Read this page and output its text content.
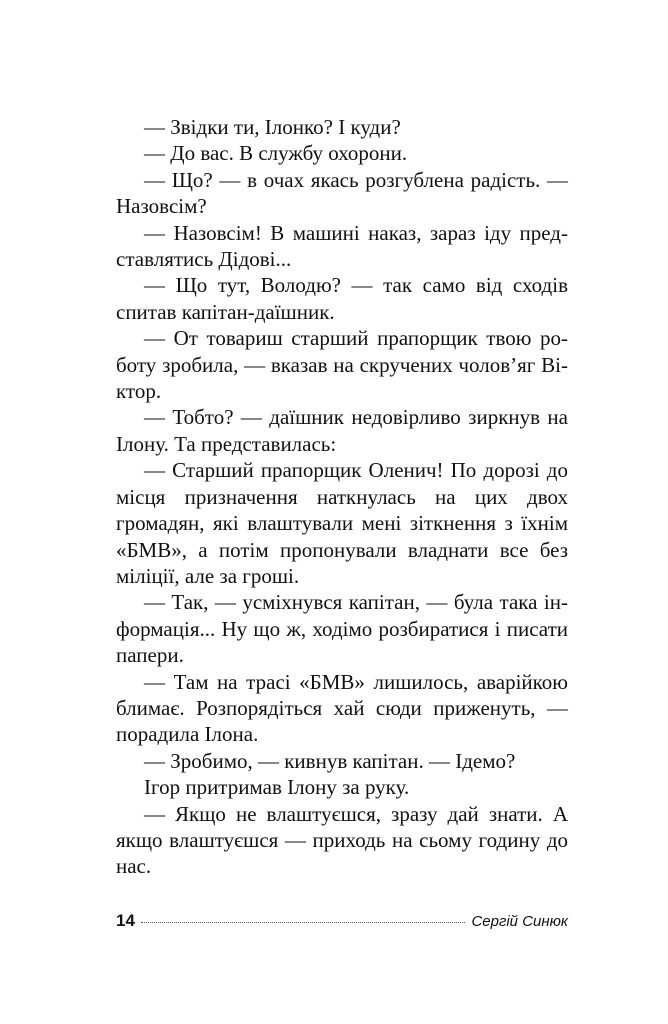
— Звідки ти, Ілонко? І куди?

— До вас. В службу охорони.

— Що? — в очах якась розгублена радість. — Назовсім?

— Назовсім! В машині наказ, зараз іду представлятись Дідові...

— Що тут, Володю? — так само від сходів спитав капітан-даїшник.

— От товариш старший прапорщик твою роботу зробила, — вказав на скручених чолов’яг Віктор.

— Тобто? — даїшник недовірливо зиркнув на Ілону. Та представилась:

— Старший прапорщик Оленич! По дорозі до місця призначення наткнулась на цих двох громадян, які влаштували мені зіткнення з їхнім «БМВ», а потім пропонували владнати все без міліції, але за гроші.

— Так, — усміхнувся капітан, — була така інформація... Ну що ж, ходімо розбиратися і писати папери.

— Там на трасі «БМВ» лишилось, аварійкою блимає. Розпорядіться хай сюди приженуть, — порадила Ілона.

— Зробимо, — кивнув капітан. — Ідемо?

Ігор притримав Ілону за руку.

— Якщо не влаштуєшся, зразу дай знати. А якщо влаштуєшся — приходь на сьому годину до нас.

14	Сергій Синюк
